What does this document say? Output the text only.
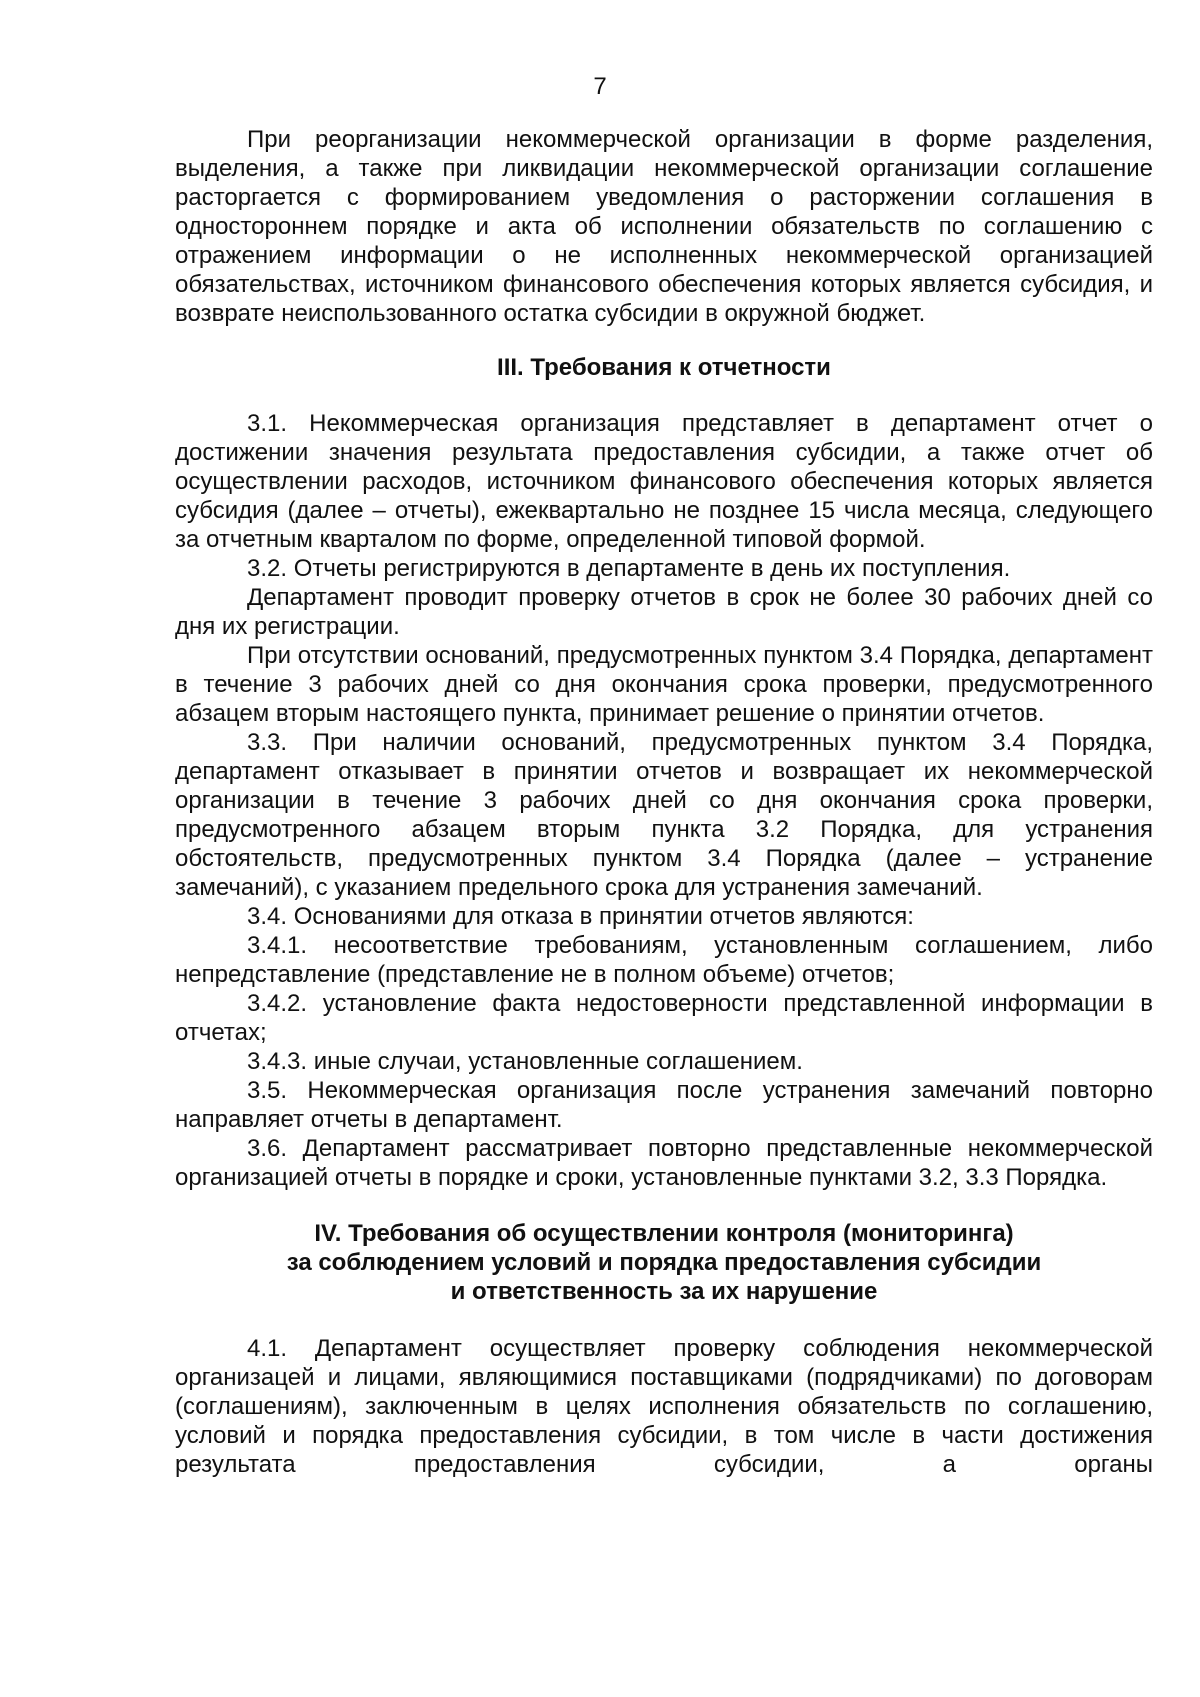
7

При реорганизации некоммерческой организации в форме разделения, выделения, а также при ликвидации некоммерческой организации соглашение расторгается с формированием уведомления о расторжении соглашения в одностороннем порядке и акта об исполнении обязательств по соглашению с отражением информации о не исполненных некоммерческой организацией обязательствах, источником финансового обеспечения которых является субсидия, и возврате неиспользованного остатка субсидии в окружной бюджет.

III. Требования к отчетности

3.1. Некоммерческая организация представляет в департамент отчет о достижении значения результата предоставления субсидии, а также отчет об осуществлении расходов, источником финансового обеспечения которых является субсидия (далее – отчеты), ежеквартально не позднее 15 числа месяца, следующего за отчетным кварталом по форме, определенной типовой формой.

3.2. Отчеты регистрируются в департаменте в день их поступления.

Департамент проводит проверку отчетов в срок не более 30 рабочих дней со дня их регистрации.

При отсутствии оснований, предусмотренных пунктом 3.4 Порядка, департамент в течение 3 рабочих дней со дня окончания срока проверки, предусмотренного абзацем вторым настоящего пункта, принимает решение о принятии отчетов.

3.3. При наличии оснований, предусмотренных пунктом 3.4 Порядка, департамент отказывает в принятии отчетов и возвращает их некоммерческой организации в течение 3 рабочих дней со дня окончания срока проверки, предусмотренного абзацем вторым пункта 3.2 Порядка, для устранения обстоятельств, предусмотренных пунктом 3.4 Порядка (далее – устранение замечаний), с указанием предельного срока для устранения замечаний.

3.4. Основаниями для отказа в принятии отчетов являются:

3.4.1. несоответствие требованиям, установленным соглашением, либо непредставление (представление не в полном объеме) отчетов;

3.4.2. установление факта недостоверности представленной информации в отчетах;

3.4.3. иные случаи, установленные соглашением.

3.5. Некоммерческая организация после устранения замечаний повторно направляет отчеты в департамент.

3.6. Департамент рассматривает повторно представленные некоммерческой организацией отчеты в порядке и сроки, установленные пунктами 3.2, 3.3 Порядка.

IV. Требования об осуществлении контроля (мониторинга)
за соблюдением условий и порядка предоставления субсидии
и ответственность за их нарушение

4.1. Департамент осуществляет проверку соблюдения некоммерческой организацей и лицами, являющимися поставщиками (подрядчиками) по договорам (соглашениям), заключенным в целях исполнения обязательств по соглашению, условий и порядка предоставления субсидии, в том числе в части достижения результата предоставления субсидии, а органы
